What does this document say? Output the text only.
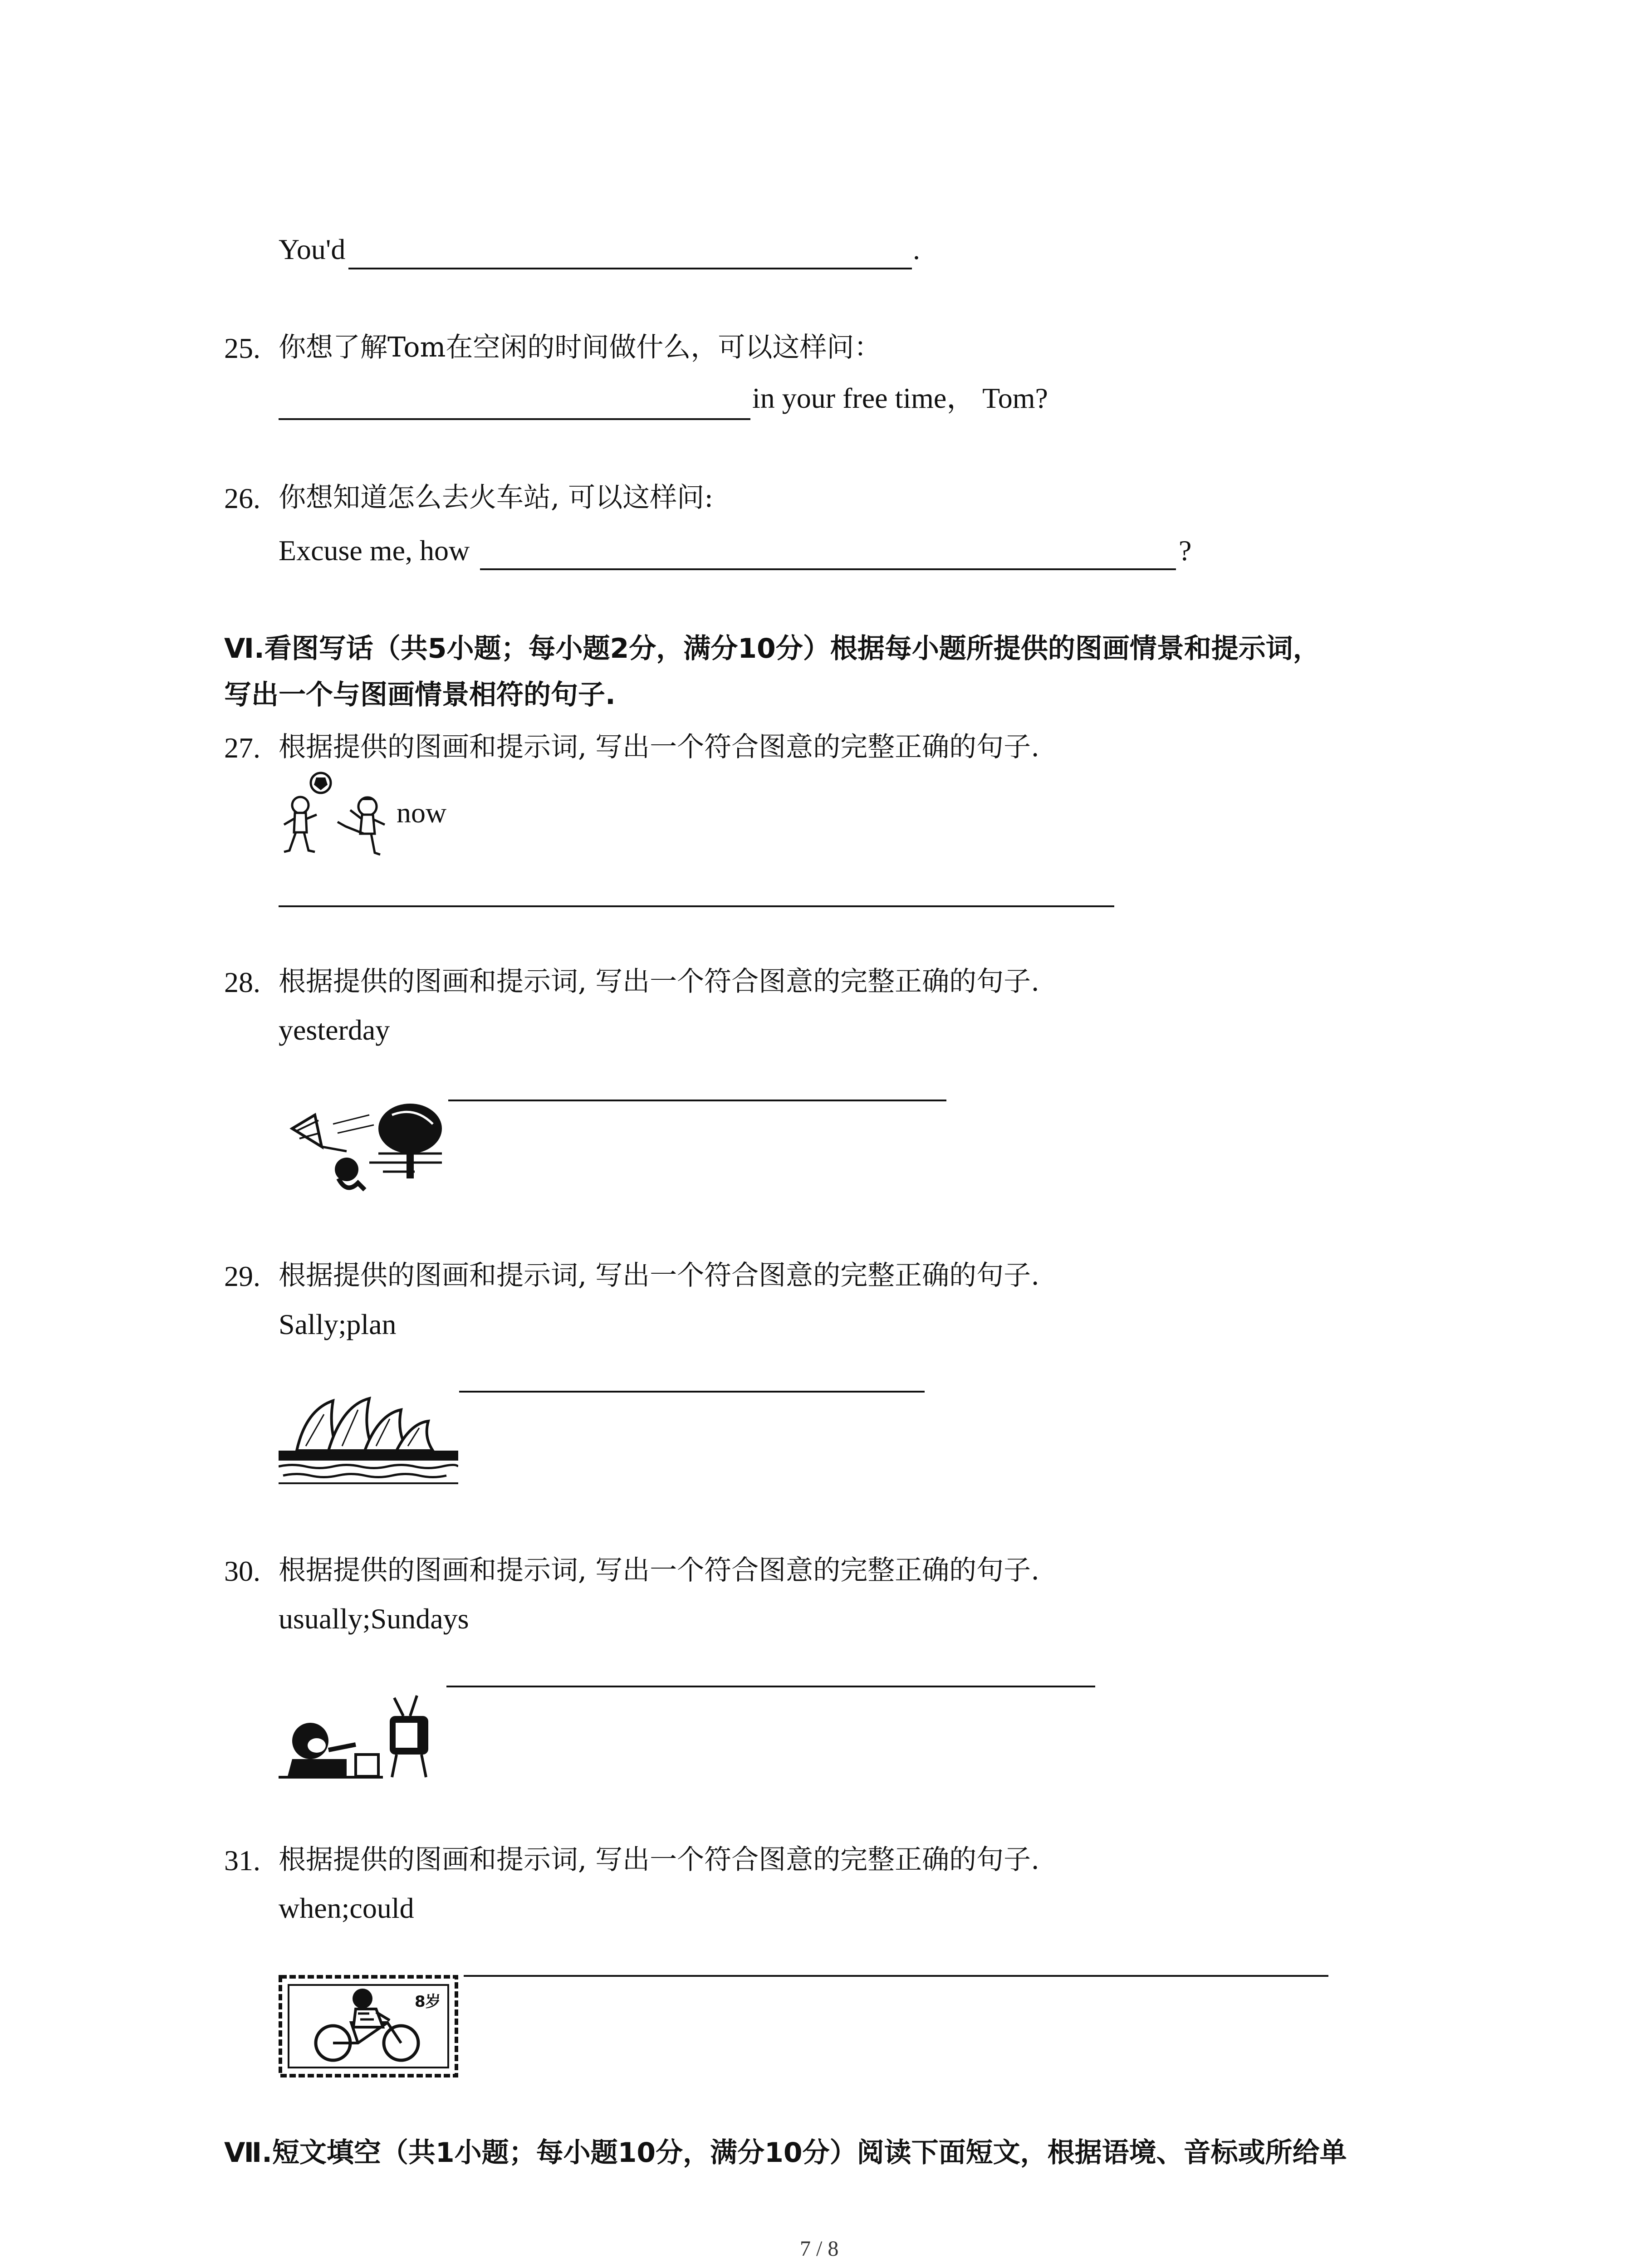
You'd	.
25. 你想了解Tom在空闲的时间做什么，可以这样问：
in your free time， Tom?
26. 你想知道怎么去火车站, 可以这样问:
Excuse me, how	?
Ⅵ.看图写话（共5小题；每小题2分，满分10分）根据每小题所提供的图画情景和提示词，
写出一个与图画情景相符的句子.
27. 根据提供的图画和提示词, 写出一个符合图意的完整正确的句子.
now
28. 根据提供的图画和提示词, 写出一个符合图意的完整正确的句子.
yesterday
29. 根据提供的图画和提示词, 写出一个符合图意的完整正确的句子.
Sally;plan
30. 根据提供的图画和提示词, 写出一个符合图意的完整正确的句子.
usually;Sundays
31. 根据提供的图画和提示词, 写出一个符合图意的完整正确的句子.
when;could
8岁
Ⅶ.短文填空（共1小题；每小题10分，满分10分）阅读下面短文，根据语境、音标或所给单
7 / 8
